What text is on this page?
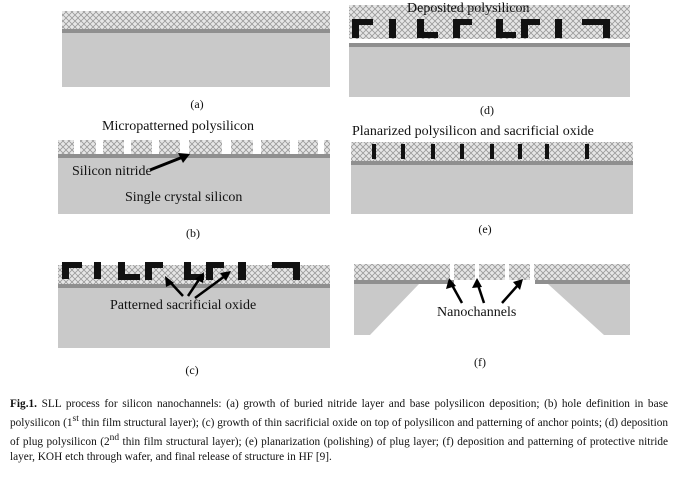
(a)
(b)
(c)
(d)
(e)
(f)
Micropatterned polysilicon
Silicon nitride
Single crystal silicon
Patterned sacrificial oxide
Deposited polysilicon
Planarized polysilicon and sacrificial oxide
Nanochannels
Fig.1. SLL process for silicon nanochannels: (a) growth of buried nitride layer and base polysilicon deposition; (b) hole definition in base polysilicon (1st thin film structural layer); (c) growth of thin sacrificial oxide on top of polysilicon and patterning of anchor points; (d) deposition of plug polysilicon (2nd thin film structural layer); (e) planarization (polishing) of plug layer; (f) deposition and patterning of protective nitride layer, KOH etch through wafer, and final release of structure in HF [9].
